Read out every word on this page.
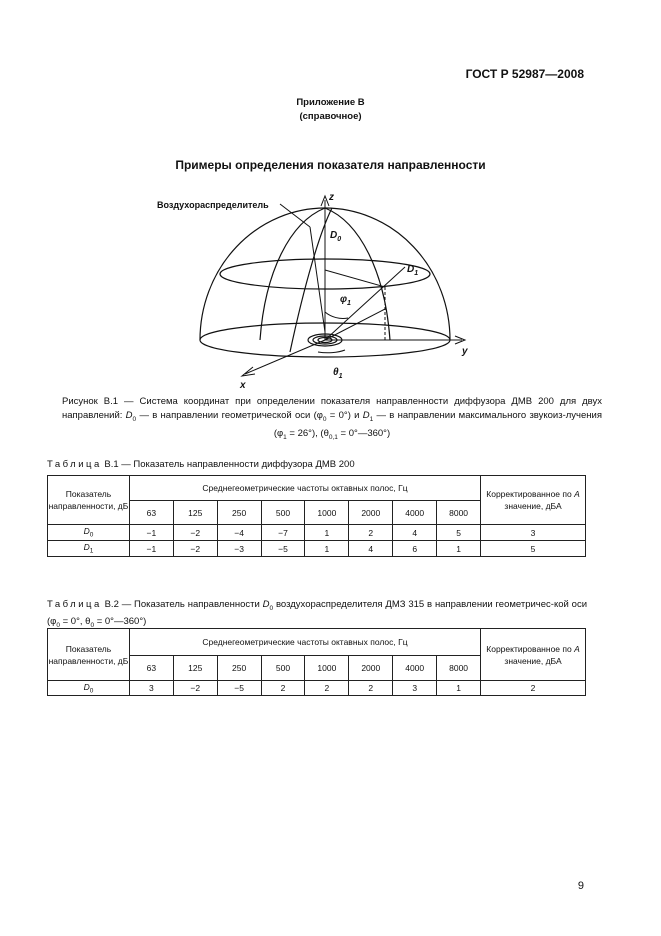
ГОСТ Р 52987—2008
Приложение В
(справочное)
Примеры определения показателя направленности
Воздухораспределитель
z
y
x
$D_0$
$D_1$
$\varphi_1$
$\theta_1$
Рисунок В.1 — Система координат при определении показателя направленности диффузора ДМВ 200 для двух направлений: $D_0$ — в направлении геометрической оси $(\varphi_0 = 0^\circ)$ и $D_1$ — в направлении максимального звукоиз-лучения $(\varphi_1 = 26^\circ)$, ($\theta_{0,1}$ = 0°—360°)
Таблица В.1 — Показатель направленности диффузора ДМВ 200
Показатель направленности, дБ	Среднегеометрические частоты октавных полос, Гц								Корректированное по А значение, дБА
	63	125	250	500	1000	2000	4000	8000	
$D_0$	−1	−2	−4	−7	1	2	4	5	3
$D_1$	−1	−2	−3	−5	1	4	6	1	5
Таблица В.2 — Показатель направленности $D_0$ воздухораспределителя ДМЗ 315 в направлении геометричес-кой оси ($\varphi_0 = 0^\circ$, $\theta_0$ = 0°—360°)
Показатель направленности, дБ	Среднегеометрические частоты октавных полос, Гц								Корректированное по А значение, дБА
	63	125	250	500	1000	2000	4000	8000	
$D_0$	3	−2	−5	2	2	2	3	1	2
9
